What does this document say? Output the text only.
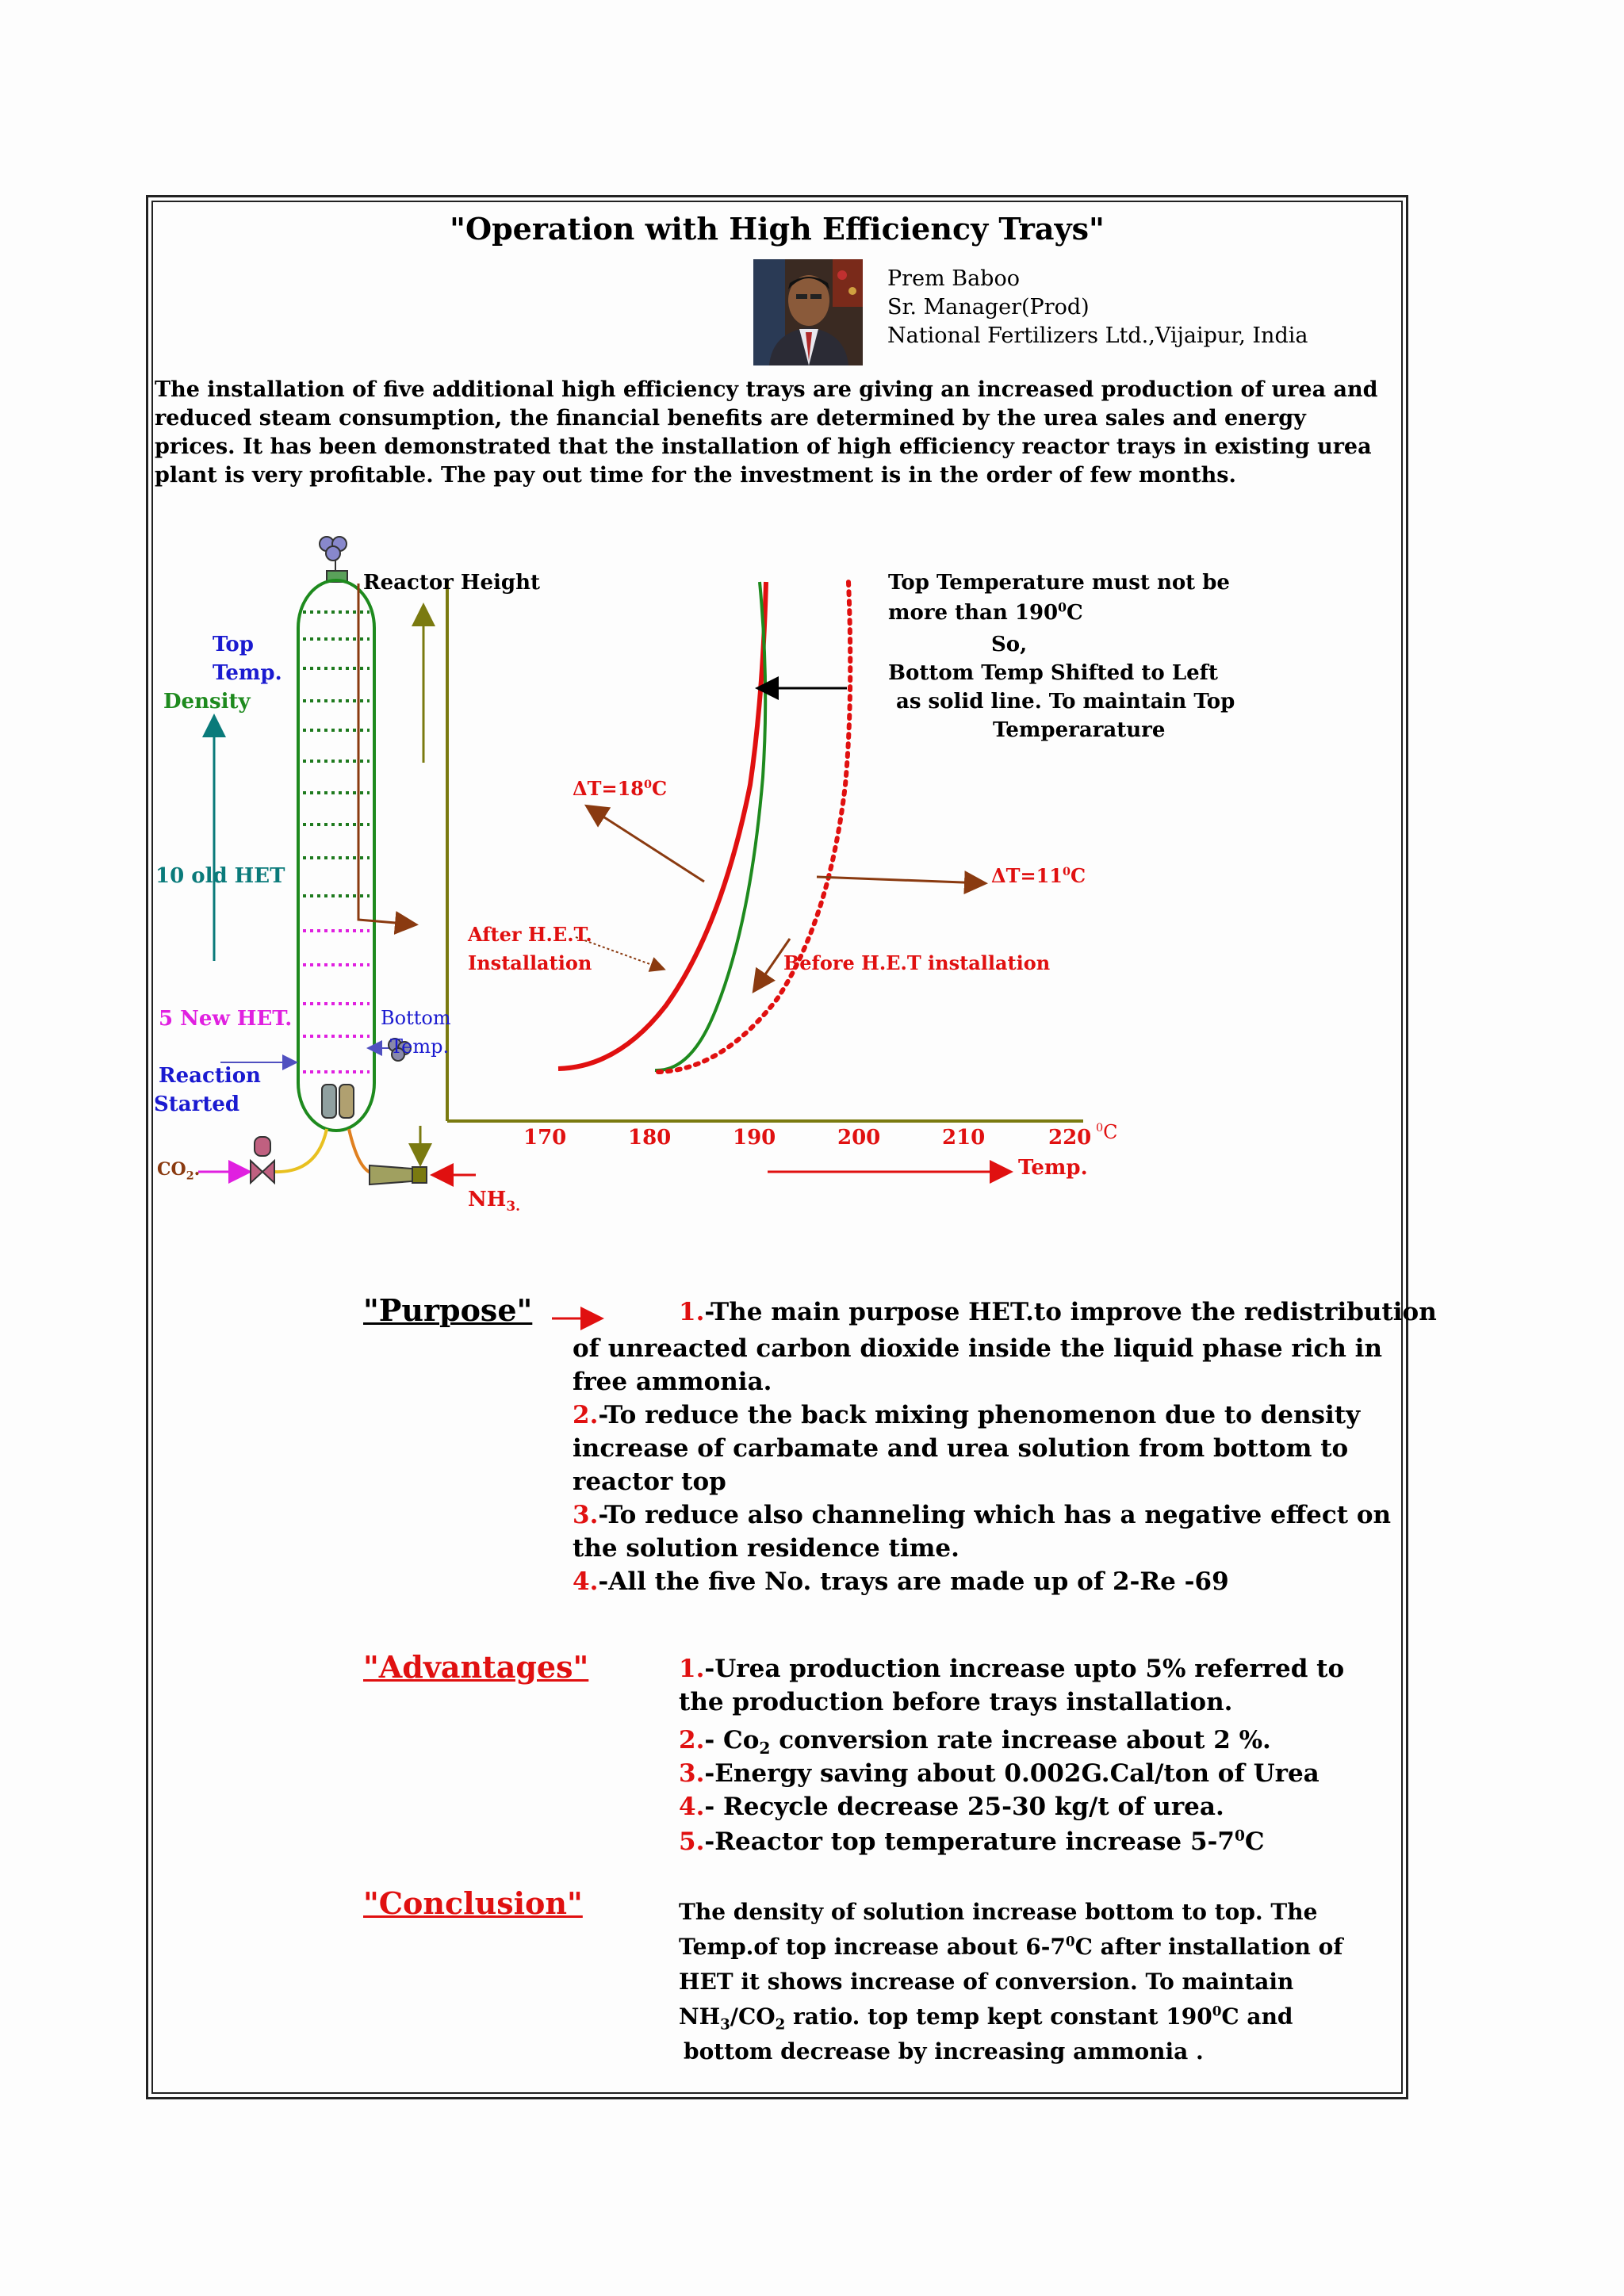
"Operation with High Efficiency Trays"
Prem Baboo
Sr. Manager(Prod)
National Fertilizers Ltd.,Vijaipur, India
The installation of five additional high efficiency trays are giving an increased production of urea and reduced steam consumption, the financial benefits are determined by the urea sales and energy prices. It has been demonstrated that the installation of high efficiency reactor trays in existing urea plant is very profitable. The pay out time for the investment is in the order of few months.
Reactor Height
Top
Temp.
Density
10 old HET
5 New HET.	Bottom
Temp.
Reaction
Started
$CO_2$.
$NH_{3.}$
Top Temperature must not be
more than $190^0C$
So,
Bottom Temp Shifted to Left
as solid line. To maintain Top
Temperarature
$\Delta T=18^0C$
$\Delta T=11^0C$
After H.E.T.
Installation	Before H.E.T installation
170	180	190	200	210	220 $^0$C
Temp.
"Purpose"	1.-The main purpose HET.to improve the redistribution
of unreacted carbon dioxide inside the liquid phase rich in free ammonia.
2.-To reduce the back mixing phenomenon due to density increase of carbamate and urea solution from bottom to reactor top
3.-To reduce also channeling which has a negative effect on the solution residence time.
4.-All the five No. trays are made up of 2-Re -69
"Advantages"	1.-Urea production increase upto 5% referred to the production before trays installation.
2.- $Co_2$ conversion rate increase about 2 %.
3.-Energy saving about 0.002G.Cal/ton of Urea
4.- Recycle decrease 25-30 kg/t of urea.
5.-Reactor top temperature increase $5-7^0C$
"Conclusion"	The density of solution increase bottom to top. The
Temp.of top increase about $6-7^0C$ after installation of
HET it shows increase of conversion. To maintain
$NH_3/CO_2$ ratio. top temp kept constant $190^0C$ and
bottom decrease by increasing ammonia .
